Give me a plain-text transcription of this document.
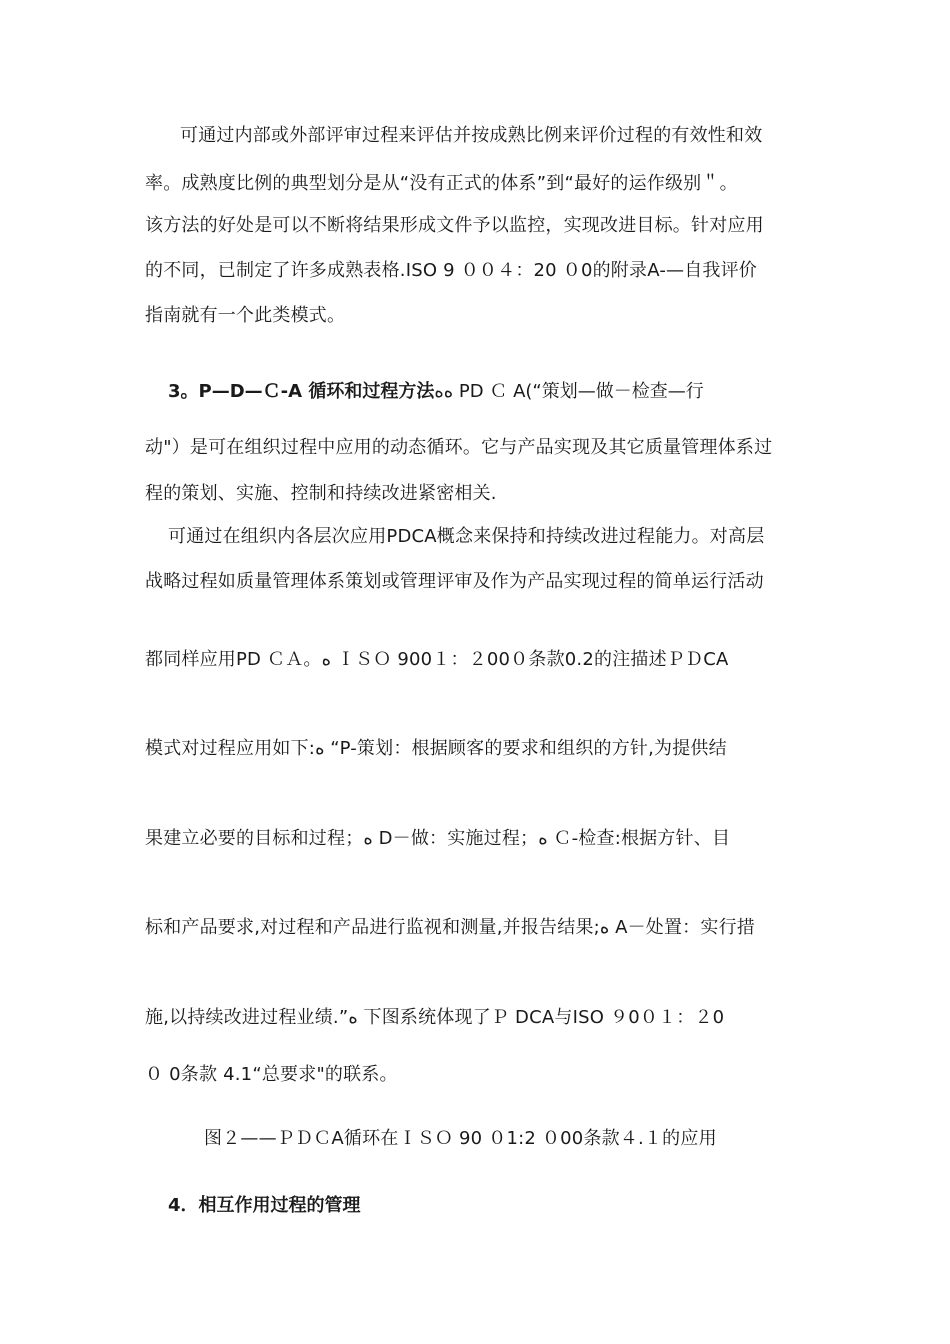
可通过内部或外部评审过程来评估并按成熟比例来评价过程的有效性和效
率。成熟度比例的典型划分是从“没有正式的体系”到“最好的运作级别＂。
该方法的好处是可以不断将结果形成文件予以监控，实现改进目标。针对应用
的不同，已制定了许多成熟表格.ISO 9 ００４：20 ０0的附录A-—自我评价
指南就有一个此类模式。
3。P—D—Ｃ-A 循环和过程方法ﻩﻩ PD Ｃ A(“策划—做－检查—行
动"）是可在组织过程中应用的动态循环。它与产品实现及其它质量管理体系过
程的策划、实施、控制和持续改进紧密相关.
可通过在组织内各层次应用PDCA概念来保持和持续改进过程能力。对高层
战略过程如质量管理体系策划或管理评审及作为产品实现过程的简单运行活动
都同样应用PD ＣＡ。ﻩ ＩＳＯ 900１：２00０条款0.2的注描述ＰＤCA
模式对过程应用如下:ﻩ “P-策划：根据顾客的要求和组织的方针,为提供结
果建立必要的目标和过程；ﻩ D－做：实施过程；ﻩ Ｃ-检查:根据方针、目
标和产品要求,对过程和产品进行监视和测量,并报告结果;ﻩ A－处置：实行措
施,以持续改进过程业绩.”ﻩ 下图系统体现了Ｐ DCA与ISO ９0０１：２0
０ 0条款 4.1“总要求"的联系。
图２——ＰＤＣA循环在ＩＳＯ 90 ０1:2 ０00条款４.１的应用
4．相互作用过程的管理
